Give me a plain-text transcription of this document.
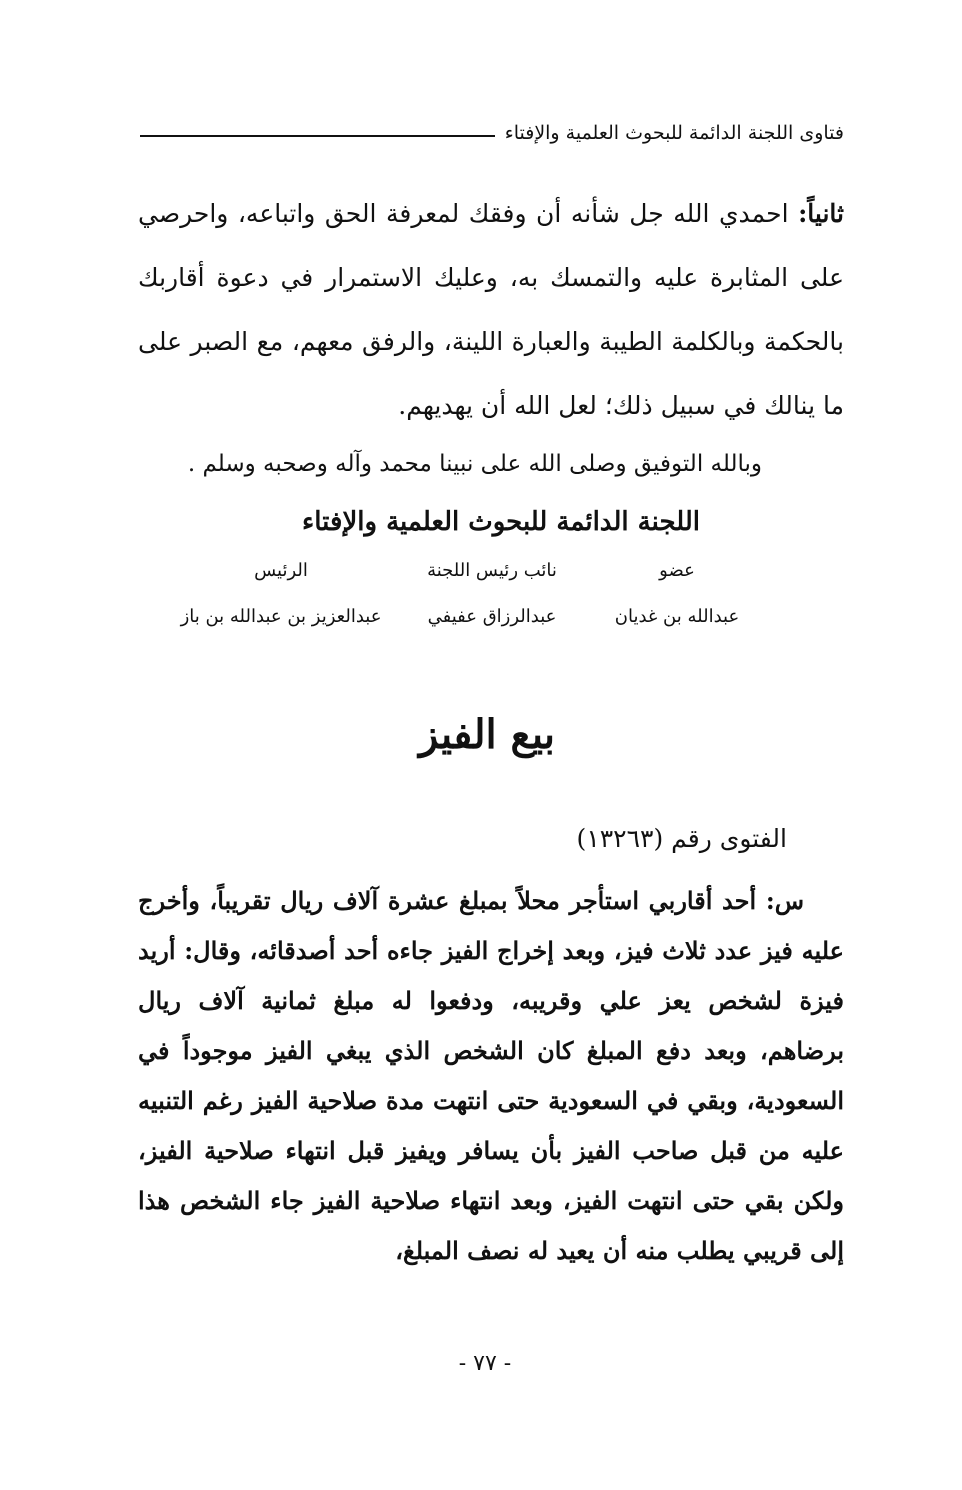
فتاوى اللجنة الدائمة للبحوث العلمية والإفتاء
ثانياً: احمدي الله جل شأنه أن وفقك لمعرفة الحق واتباعه، واحرصي على المثابرة عليه والتمسك به، وعليك الاستمرار في دعوة أقاربك بالحكمة وبالكلمة الطيبة والعبارة اللينة، والرفق معهم، مع الصبر على ما ينالك في سبيل ذلك؛ لعل الله أن يهديهم.
وبالله التوفيق وصلى الله على نبينا محمد وآله وصحبه وسلم .
اللجنة الدائمة للبحوث العلمية والإفتاء
عضو
نائب رئيس اللجنة
الرئيس
عبدالله بن غديان
عبدالرزاق عفيفي
عبدالعزيز بن عبدالله بن باز
بيع الفيز
الفتوى رقم (١٣٢٦٣)
س: أحد أقاربي استأجر محلاً بمبلغ عشرة آلاف ريال تقريباً، وأخرج عليه فيز عدد ثلاث فيز، وبعد إخراج الفيز جاءه أحد أصدقائه، وقال: أريد فيزة لشخص يعز علي وقريبه، ودفعوا له مبلغ ثمانية آلاف ريال برضاهم، وبعد دفع المبلغ كان الشخص الذي يبغي الفيز موجوداً في السعودية، وبقي في السعودية حتى انتهت مدة صلاحية الفيز رغم التنبيه عليه من قبل صاحب الفيز بأن يسافر ويفيز قبل انتهاء صلاحية الفيز، ولكن بقي حتى انتهت الفيز، وبعد انتهاء صلاحية الفيز جاء الشخص هذا إلى قريبي يطلب منه أن يعيد له نصف المبلغ،
- ٧٧ -
